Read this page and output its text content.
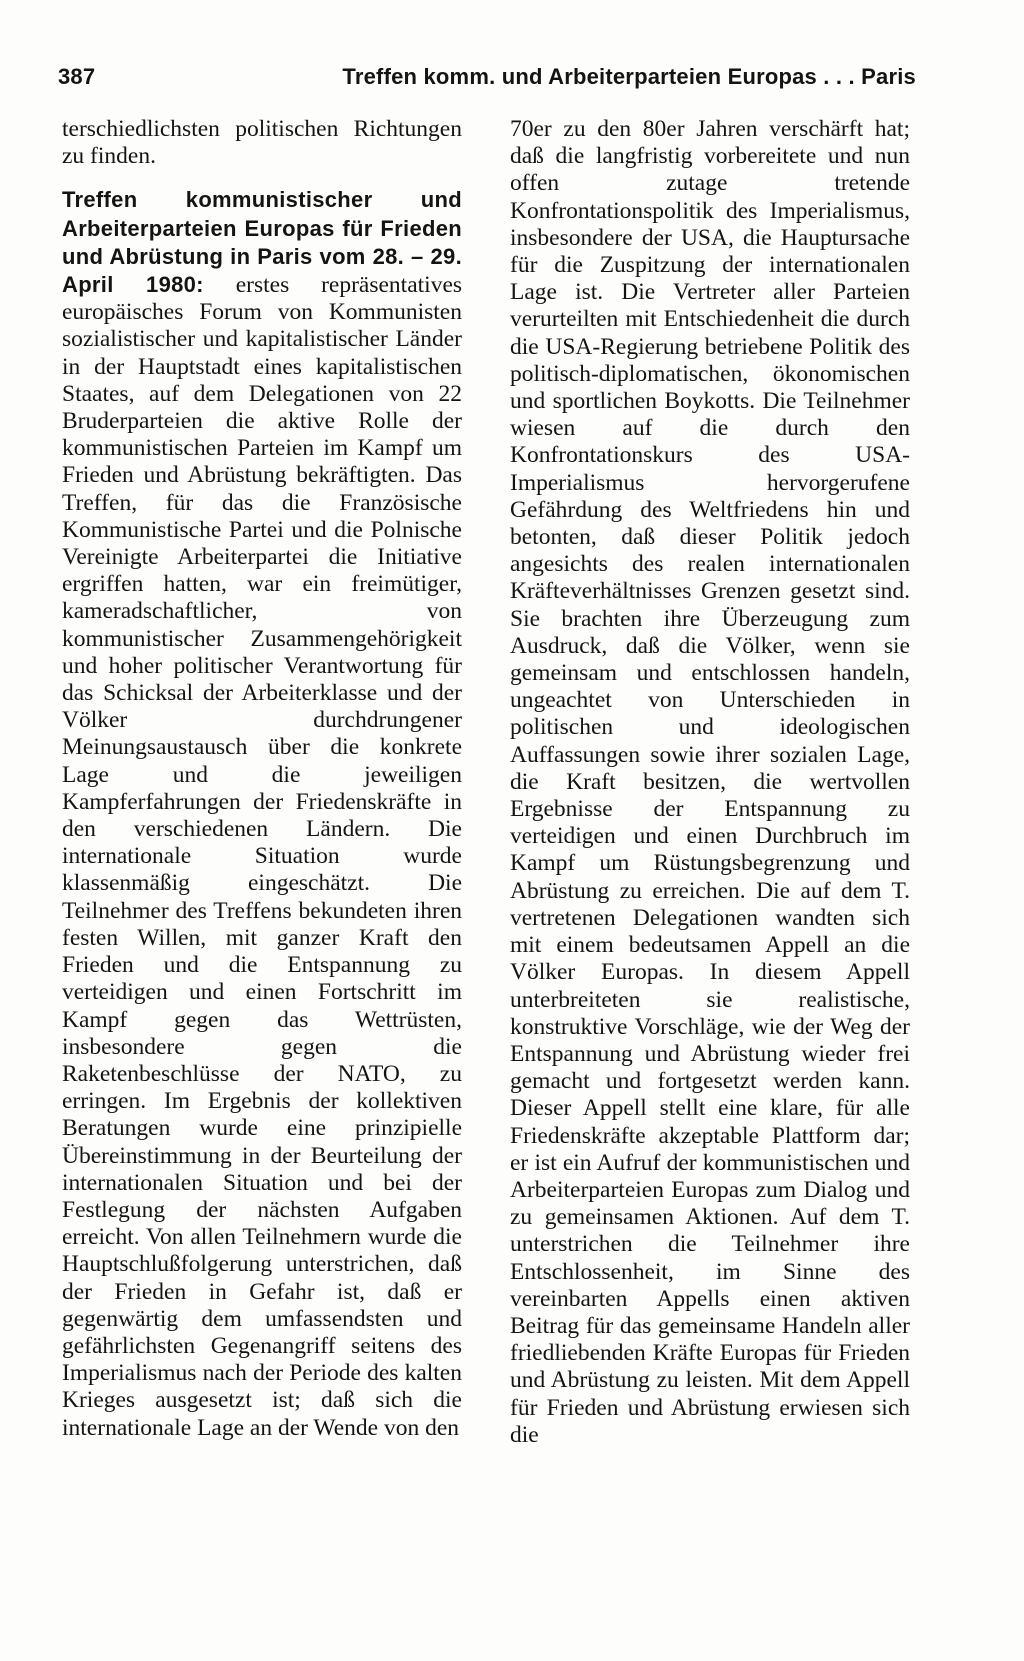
387	Treffen komm. und Arbeiterparteien Europas . . . Paris

terschiedlichsten politischen Richtungen zu finden.

Treffen kommunistischer und Arbeiterparteien Europas für Frieden und Abrüstung in Paris vom 28. – 29. April 1980: erstes repräsentatives europäisches Forum von Kommunisten sozialistischer und kapitalistischer Länder in der Hauptstadt eines kapitalistischen Staates, auf dem Delegationen von 22 Bruderparteien die aktive Rolle der kommunistischen Parteien im Kampf um Frieden und Abrüstung bekräftigten. Das Treffen, für das die Französische Kommunistische Partei und die Polnische Vereinigte Arbeiterpartei die Initiative ergriffen hatten, war ein freimütiger, kameradschaftlicher, von kommunistischer Zusammengehörigkeit und hoher politischer Verantwortung für das Schicksal der Arbeiterklasse und der Völker durchdrungener Meinungsaustausch über die konkrete Lage und die jeweiligen Kampferfahrungen der Friedenskräfte in den verschiedenen Ländern. Die internationale Situation wurde klassenmäßig eingeschätzt. Die Teilnehmer des Treffens bekundeten ihren festen Willen, mit ganzer Kraft den Frieden und die Entspannung zu verteidigen und einen Fortschritt im Kampf gegen das Wettrüsten, insbesondere gegen die Raketenbeschlüsse der NATO, zu erringen. Im Ergebnis der kollektiven Beratungen wurde eine prinzipielle Übereinstimmung in der Beurteilung der internationalen Situation und bei der Festlegung der nächsten Aufgaben erreicht. Von allen Teilnehmern wurde die Hauptschlußfolgerung unterstrichen, daß der Frieden in Gefahr ist, daß er gegenwärtig dem umfassendsten und gefährlichsten Gegenangriff seitens des Imperialismus nach der Periode des kalten Krieges ausgesetzt ist; daß sich die internationale Lage an der Wende von den

70er zu den 80er Jahren verschärft hat; daß die langfristig vorbereitete und nun offen zutage tretende Konfrontationspolitik des Imperialismus, insbesondere der USA, die Hauptursache für die Zuspitzung der internationalen Lage ist. Die Vertreter aller Parteien verurteilten mit Entschiedenheit die durch die USA-Regierung betriebene Politik des politisch-diplomatischen, ökonomischen und sportlichen Boykotts. Die Teilnehmer wiesen auf die durch den Konfrontationskurs des USA-Imperialismus hervorgerufene Gefährdung des Weltfriedens hin und betonten, daß dieser Politik jedoch angesichts des realen internationalen Kräfteverhältnisses Grenzen gesetzt sind. Sie brachten ihre Überzeugung zum Ausdruck, daß die Völker, wenn sie gemeinsam und entschlossen handeln, ungeachtet von Unterschieden in politischen und ideologischen Auffassungen sowie ihrer sozialen Lage, die Kraft besitzen, die wertvollen Ergebnisse der Entspannung zu verteidigen und einen Durchbruch im Kampf um Rüstungsbegrenzung und Abrüstung zu erreichen. Die auf dem T. vertretenen Delegationen wandten sich mit einem bedeutsamen Appell an die Völker Europas. In diesem Appell unterbreiteten sie realistische, konstruktive Vorschläge, wie der Weg der Entspannung und Abrüstung wieder frei gemacht und fortgesetzt werden kann. Dieser Appell stellt eine klare, für alle Friedenskräfte akzeptable Plattform dar; er ist ein Aufruf der kommunistischen und Arbeiterparteien Europas zum Dialog und zu gemeinsamen Aktionen. Auf dem T. unterstrichen die Teilnehmer ihre Entschlossenheit, im Sinne des vereinbarten Appells einen aktiven Beitrag für das gemeinsame Handeln aller friedliebenden Kräfte Europas für Frieden und Abrüstung zu leisten. Mit dem Appell für Frieden und Abrüstung erwiesen sich die
